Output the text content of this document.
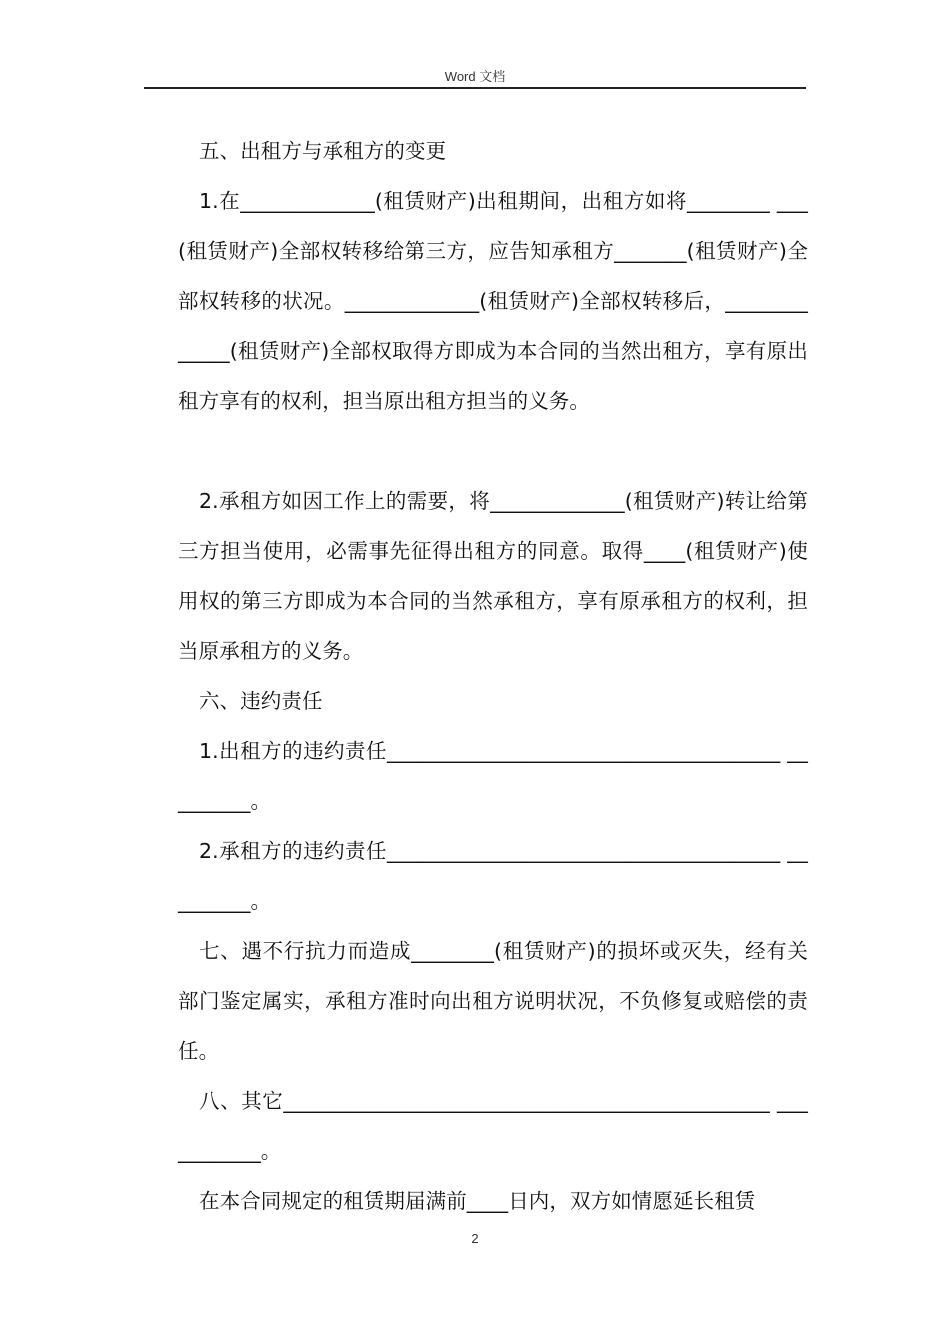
Word 文档

五、出租方与承租方的变更

1.在_____________(租赁财产)出租期间，出租方如将________ ___(租赁财产)全部权转移给第三方，应告知承租方_______(租赁财产)全部权转移的状况。_____________(租赁财产)全部权转移后，_____________(租赁财产)全部权取得方即成为本合同的当然出租方，享有原出租方享有的权利，担当原出租方担当的义务。

2.承租方如因工作上的需要，将_____________(租赁财产)转让给第三方担当使用，必需事先征得出租方的同意。取得____(租赁财产)使用权的第三方即成为本合同的当然承租方，享有原承租方的权利，担当原承租方的义务。

六、违约责任

1.出租方的违约责任______________________________________ _________。

2.承租方的违约责任______________________________________ _________。

七、遇不行抗力而造成________(租赁财产)的损坏或灭失，经有关部门鉴定属实，承租方准时向出租方说明状况，不负修复或赔偿的责任。

八、其它_______________________________________________ ___________。

在本合同规定的租赁期届满前____日内，双方如情愿延长租赁

2
